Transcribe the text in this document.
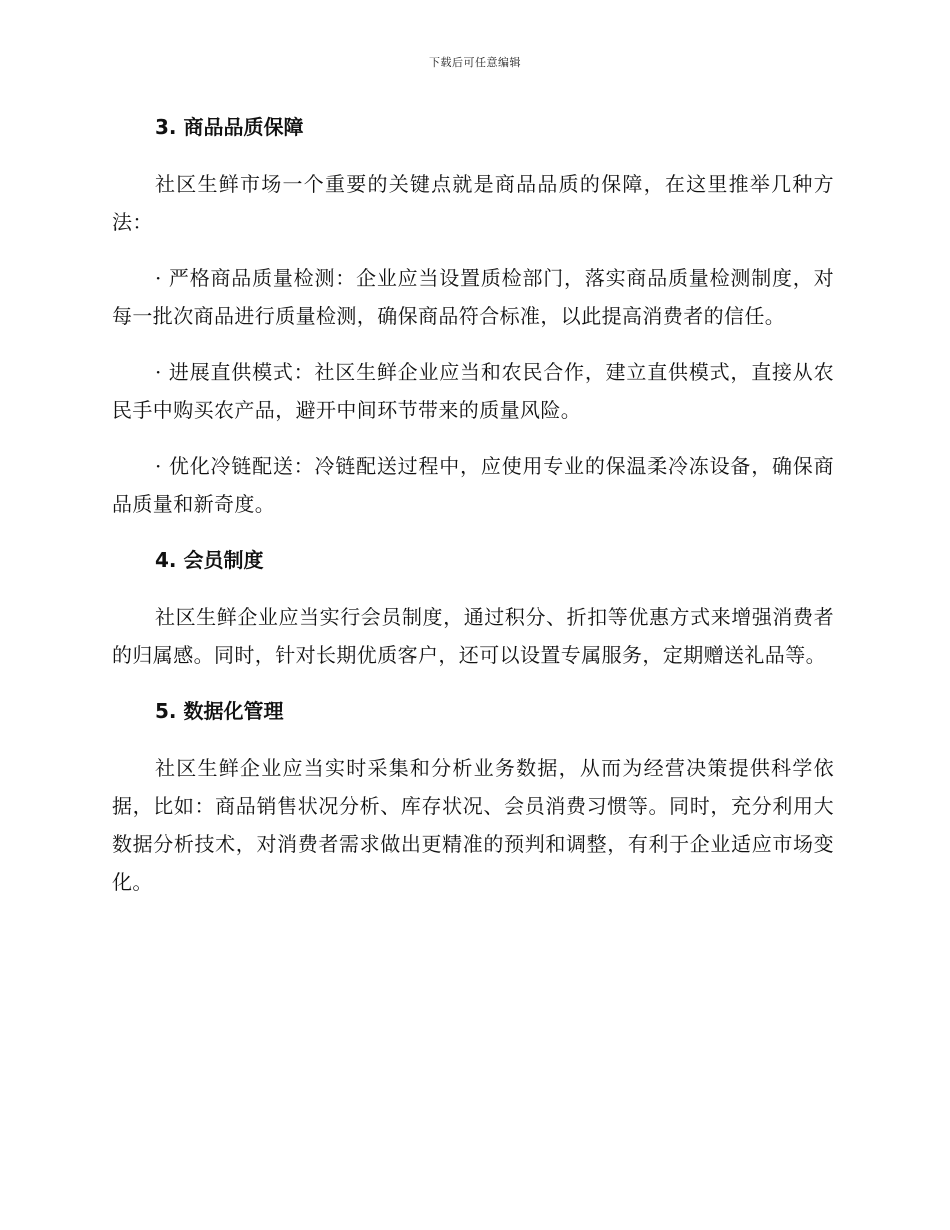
下载后可任意编辑
3. 商品品质保障

社区生鲜市场一个重要的关键点就是商品品质的保障，在这里推举几种方法：

· 严格商品质量检测：企业应当设置质检部门，落实商品质量检测制度，对每一批次商品进行质量检测，确保商品符合标准，以此提高消费者的信任。

· 进展直供模式：社区生鲜企业应当和农民合作，建立直供模式，直接从农民手中购买农产品，避开中间环节带来的质量风险。

· 优化冷链配送：冷链配送过程中，应使用专业的保温柔冷冻设备，确保商品质量和新奇度。

4. 会员制度

社区生鲜企业应当实行会员制度，通过积分、折扣等优惠方式来增强消费者的归属感。同时，针对长期优质客户，还可以设置专属服务，定期赠送礼品等。

5. 数据化管理

社区生鲜企业应当实时采集和分析业务数据，从而为经营决策提供科学依据，比如：商品销售状况分析、库存状况、会员消费习惯等。同时，充分利用大数据分析技术，对消费者需求做出更精准的预判和调整，有利于企业适应市场变化。
